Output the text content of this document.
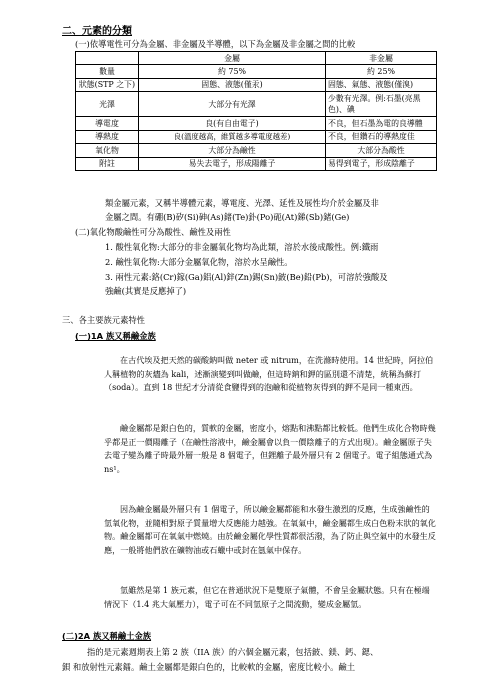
二、元素的分類
(一)依導電性可分為金屬、非金屬及半導體，以下為金屬及非金屬之間的比較
	金屬	非金屬
數量	約 75%	約 25%
狀態(STP 之下)	固態、液態(僅汞)	固態、氣態、液態(僅溴)
光澤	大部分有光澤	少數有光澤。例:石墨(亮黑色)、碘
導電度	良(有自由電子)	不良，但石墨為電的良導體
導熱度	良(溫度越高，維質越多導電度越差)	不良，但鑽石的導熱度佳
氧化物	大部分為鹼性	大部分為酸性
附註	易失去電子，形成陽離子	易得到電子，形成陰離子
類金屬元素，又稱半導體元素，導電度、光澤、延性及展性均介於金屬及非
金屬之間。有硼(B)矽(Si)砷(As)鍺(Te)釙(Po)砈(At)銻(Sb)鍺(Ge)
(二)氧化物酸鹼性可分為酸性、鹼性及兩性
1. 酸性氧化物:大部分的非金屬氧化物均為此類，溶於水後成酸性。例:鐵雨
2. 鹼性氧化物:大部分金屬氧化物，溶於水呈鹼性。
3. 兩性元素:鉻(Cr)鎵(Ga)鋁(Al)鋅(Zn)錫(Sn)鈹(Be)鉛(Pb)，可溶於強酸及
強鹼(其實是反應掉了)
三、各主要族元素特性
(一)1A 族又稱鹼金族
在古代埃及把天然的碳酸鈉叫做 neter 或 nitrum，在洗滌時使用。14 世紀時，阿拉伯人稱植物的灰燼為 kali，述漸演變到叫做鹼，但這時鈉和鉀的區別還不清楚，統稱為蘇打（soda）。直到 18 世紀才分清從食鹽得到的泡鹼和從植物灰得到的鉀不是同一種東西。
鹼金屬都是銀白色的，質軟的金屬，密度小，熔點和沸點都比較低。他們生成化合物時幾乎都是正一價陽離子（在鹼性溶液中，鹼金屬會以負一價陰離子的方式出現）。鹼金屬原子失去電子變為離子時最外層一般是 8 個電子，但鋰離子最外層只有 2 個電子。電子組態通式為 ns¹。
因為鹼金屬最外層只有 1 個電子，所以鹼金屬都能和水發生激烈的反應，生成強鹼性的氫氧化物，並隨相對原子質量增大反應能力越強。在氧氣中，鹼金屬都生成白色粉末狀的氧化物。鹼金屬都可在氧氣中燃燒。由於鹼金屬化學性質都很活潑，為了防止與空氣中的水發生反應，一般將他們放在礦物油或石蠟中或封在氬氣中保存。
氫雖然是第 1 族元素，但它在普通狀況下是雙原子氣體，不會呈金屬狀態。只有在極端情況下（1.4 兆大氣壓力），電子可在不同氫原子之間流動，變成金屬氫。
(二)2A 族又稱鹼土金族
指的是元素週期表上第 2 族（IIA 族）的六個金屬元素，包括鈹、鎂、鈣、鍶、
鋇 和放射性元素鐳。鹼土金屬都是銀白色的，比較軟的金屬，密度比較小。鹼土
